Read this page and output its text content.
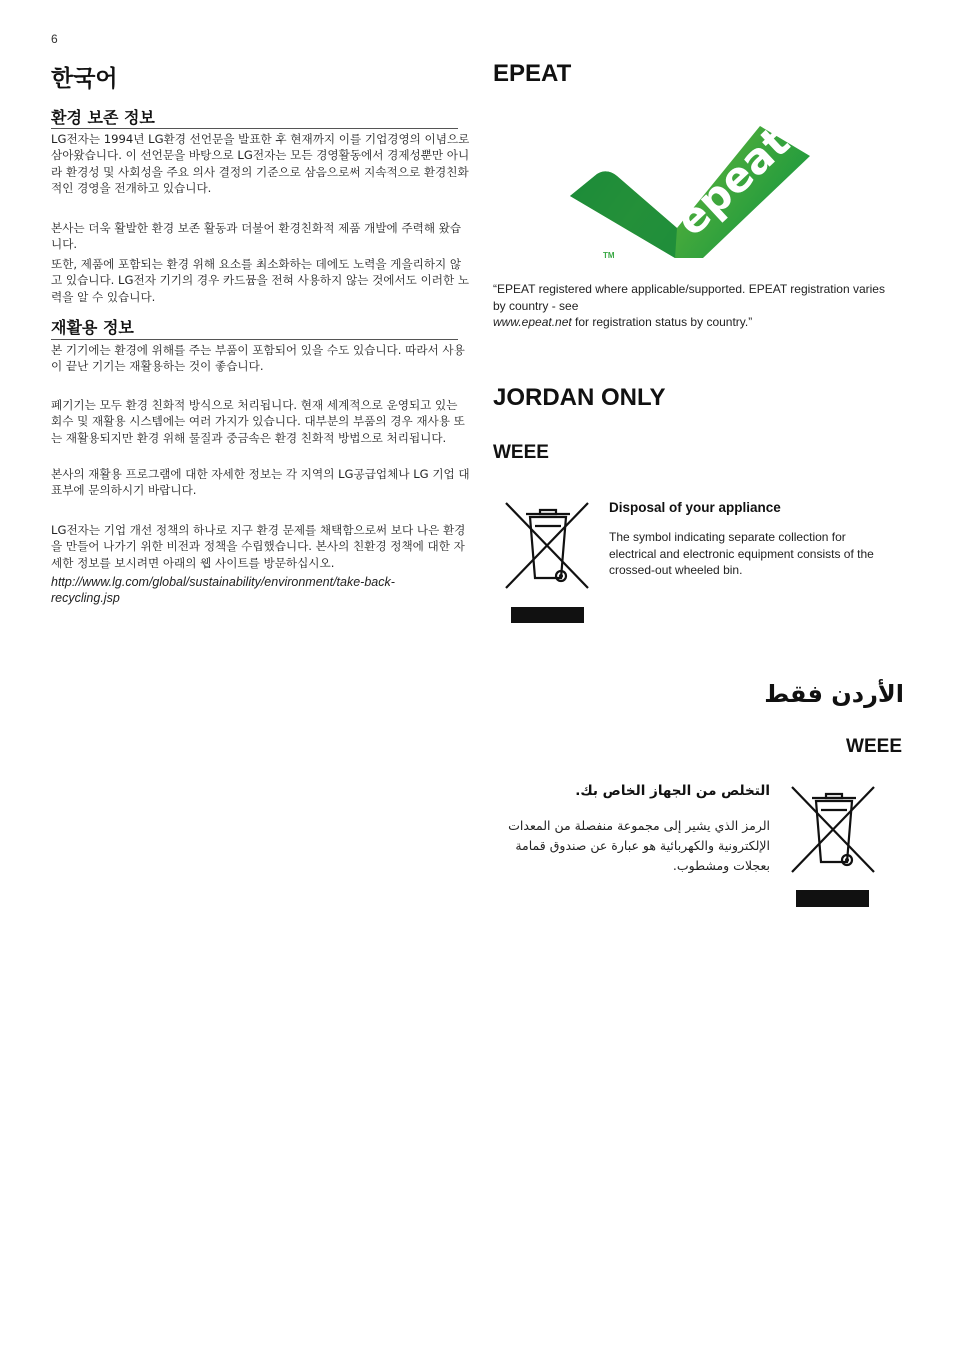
6
한국어
환경 보존 정보
LG전자는 1994년 LG환경 선언문을 발표한 후 현재까지 이를 기업경영의 이념으로 삼아왔습니다. 이 선언문을 바탕으로 LG전자는 모든 경영활동에서 경제성뿐만 아니라 환경성 및 사회성을 주요 의사 결정의 기준으로 삼음으로써 지속적으로 환경친화적인 경영을 전개하고 있습니다.
본사는 더욱 활발한 환경 보존 활동과 더불어 환경친화적 제품 개발에 주력해 왔습니다.
또한, 제품에 포함되는 환경 위해 요소를 최소화하는 데에도 노력을 게을리하지 않고 있습니다. LG전자 기기의 경우 카드뮴을 전혀 사용하지 않는 것에서도 이러한 노력을 알 수 있습니다.
재활용 정보
본 기기에는 환경에 위해를 주는 부품이 포함되어 있을 수도 있습니다. 따라서 사용이 끝난 기기는 재활용하는 것이 좋습니다.
폐기기는 모두 환경 친화적 방식으로 처리됩니다. 현재 세계적으로 운영되고 있는 회수 및 재활용 시스템에는 여러 가지가 있습니다. 대부분의 부품의 경우 재사용 또는 재활용되지만 환경 위해 물질과 중금속은 환경 친화적 방법으로 처리됩니다.
본사의 재활용 프로그램에 대한 자세한 정보는 각 지역의 LG공급업체나 LG 기업 대표부에 문의하시기 바랍니다.
LG전자는 기업 개선 정책의 하나로 지구 환경 문제를 채택함으로써 보다 나은 환경을 만들어 나가기 위한 비전과 정책을 수립했습니다. 본사의 친환경 정책에 대한 자세한 정보를 보시려면 아래의 웹 사이트를 방문하십시오.
http://www.lg.com/global/sustainability/environment/take-back-recycling.jsp
EPEAT
epeat
TM
“EPEAT registered where applicable/supported. EPEAT registration varies by country - see
www.epeat.net for registration status by country.”
JORDAN ONLY
WEEE
Disposal of your appliance
The symbol indicating separate collection for electrical and electronic equipment consists of the crossed-out wheeled bin.
الأردن فقط
WEEE
التخلص من الجهاز الخاص بك.
الرمز الذي يشير إلى مجموعة منفصلة من المعدات الإلكترونية والكهربائية هو عبارة عن صندوق قمامة بعجلات ومشطوب.
